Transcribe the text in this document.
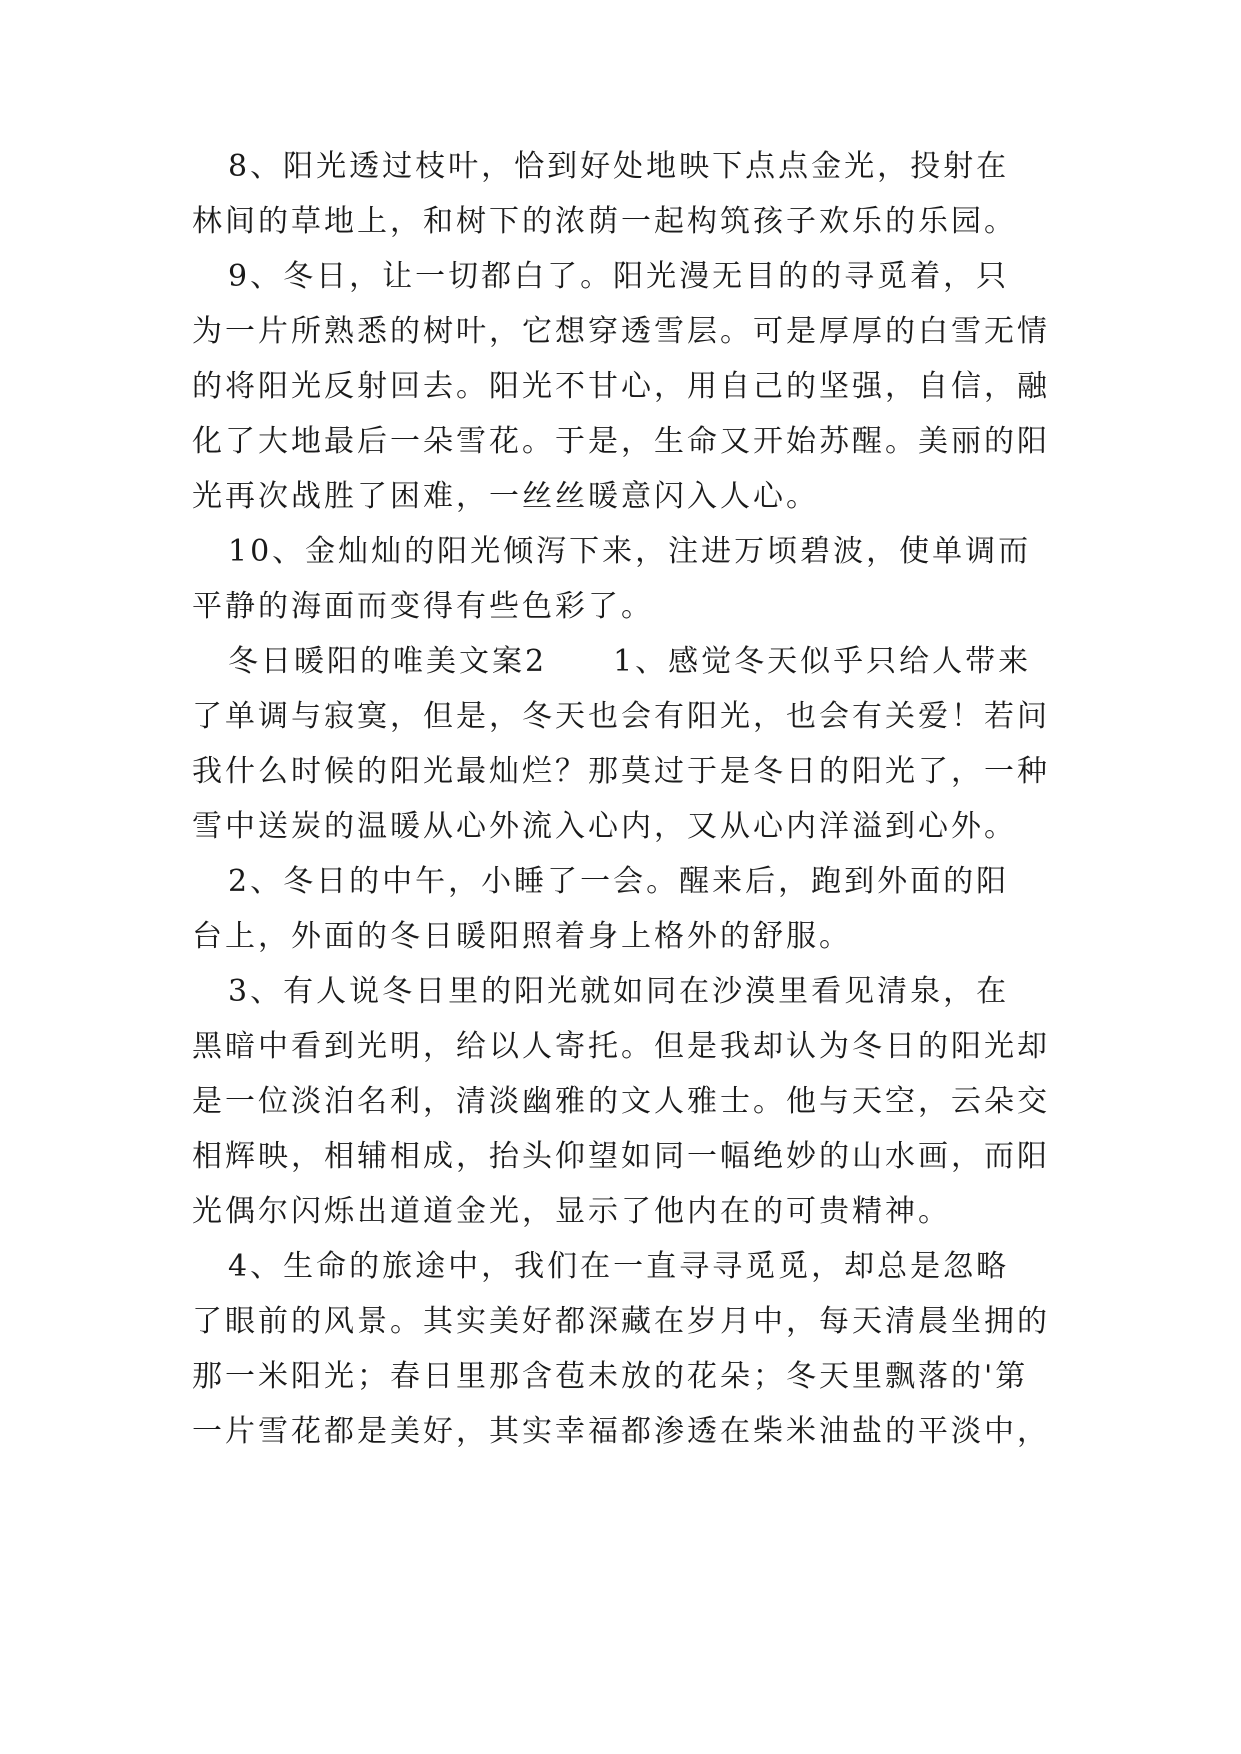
8、阳光透过枝叶，恰到好处地映下点点金光，投射在
林间的草地上，和树下的浓荫一起构筑孩子欢乐的乐园。
9、冬日，让一切都白了。阳光漫无目的的寻觅着，只
为一片所熟悉的树叶，它想穿透雪层。可是厚厚的白雪无情
的将阳光反射回去。阳光不甘心，用自己的坚强，自信，融
化了大地最后一朵雪花。于是，生命又开始苏醒。美丽的阳
光再次战胜了困难，一丝丝暖意闪入人心。
10、金灿灿的阳光倾泻下来，注进万顷碧波，使单调而
平静的海面而变得有些色彩了。
冬日暖阳的唯美文案2　　1、感觉冬天似乎只给人带来
了单调与寂寞，但是，冬天也会有阳光，也会有关爱！若问
我什么时候的阳光最灿烂？那莫过于是冬日的阳光了，一种
雪中送炭的温暖从心外流入心内，又从心内洋溢到心外。
2、冬日的中午，小睡了一会。醒来后，跑到外面的阳
台上，外面的冬日暖阳照着身上格外的舒服。
3、有人说冬日里的阳光就如同在沙漠里看见清泉，在
黑暗中看到光明，给以人寄托。但是我却认为冬日的阳光却
是一位淡泊名利，清淡幽雅的文人雅士。他与天空，云朵交
相辉映，相辅相成，抬头仰望如同一幅绝妙的山水画，而阳
光偶尔闪烁出道道金光，显示了他内在的可贵精神。
4、生命的旅途中，我们在一直寻寻觅觅，却总是忽略
了眼前的风景。其实美好都深藏在岁月中，每天清晨坐拥的
那一米阳光；春日里那含苞未放的花朵；冬天里飘落的'第
一片雪花都是美好，其实幸福都渗透在柴米油盐的平淡中，
